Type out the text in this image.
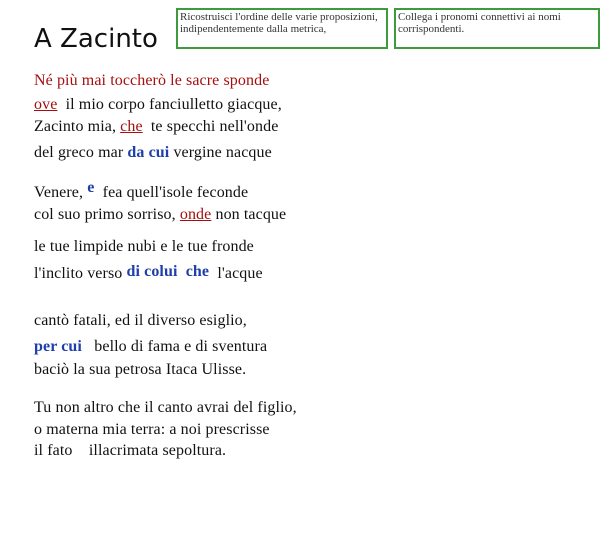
A Zacinto
Ricostruisci l'ordine delle varie proposizioni, indipendentemente dalla metrica,
Collega i pronomi connettivi ai nomi corrispondenti.
Né più mai toccherò le sacre sponde
ove il mio corpo fanciulletto giacque,
Zacinto mia, che te specchi nell'onde
del greco mar da cui vergine nacque
Venere, e fea quell'isole feconde
col suo primo sorriso, onde non tacque
le tue limpide nubi e le tue fronde
l'inclito verso di colui che l'acque
cantò fatali, ed il diverso esiglio,
per cui bello di fama e di sventura
baciò la sua petrosa Itaca Ulisse.
Tu non altro che il canto avrai del figlio,
o materna mia terra: a noi prescrisse
il fato illacrimata sepoltura.
